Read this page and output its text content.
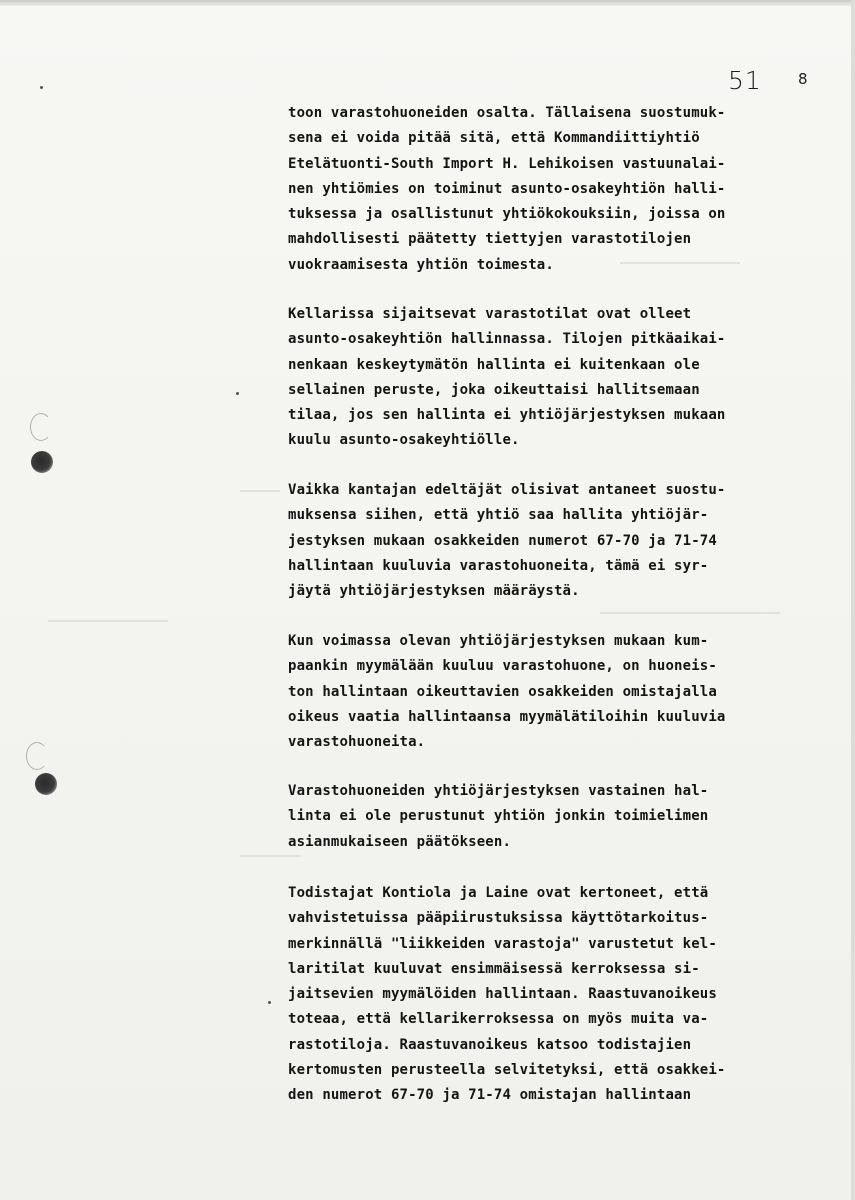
51 8
toon varastohuoneiden osalta. Tällaisena suostumuk-
sena ei voida pitää sitä, että Kommandiittiyhtiö
Etelätuonti-South Import H. Lehikoisen vastuunalai-
nen yhtiömies on toiminut asunto-osakeyhtiön halli-
tuksessa ja osallistunut yhtiökokouksiin, joissa on
mahdollisesti päätetty tiettyjen varastotilojen
vuokraamisesta yhtiön toimesta.
Kellarissa sijaitsevat varastotilat ovat olleet
asunto-osakeyhtiön hallinnassa. Tilojen pitkäaikai-
nenkaan keskeytymätön hallinta ei kuitenkaan ole
sellainen peruste, joka oikeuttaisi hallitsemaan
tilaa, jos sen hallinta ei yhtiöjärjestyksen mukaan
kuulu asunto-osakeyhtiölle.
Vaikka kantajan edeltäjät olisivat antaneet suostu-
muksensa siihen, että yhtiö saa hallita yhtiöjär-
jestyksen mukaan osakkeiden numerot 67-70 ja 71-74
hallintaan kuuluvia varastohuoneita, tämä ei syr-
jäytä yhtiöjärjestyksen määräystä.
Kun voimassa olevan yhtiöjärjestyksen mukaan kum-
paankin myymälään kuuluu varastohuone, on huoneis-
ton hallintaan oikeuttavien osakkeiden omistajalla
oikeus vaatia hallintaansa myymälätiloihin kuuluvia
varastohuoneita.
Varastohuoneiden yhtiöjärjestyksen vastainen hal-
linta ei ole perustunut yhtiön jonkin toimielimen
asianmukaiseen päätökseen.
Todistajat Kontiola ja Laine ovat kertoneet, että
vahvistetuissa pääpiirustuksissa käyttötarkoitus-
merkinnällä "liikkeiden varastoja" varustetut kel-
laritilat kuuluvat ensimmäisessä kerroksessa si-
jaitsevien myymälöiden hallintaan. Raastuvanoikeus
toteaa, että kellarikerroksessa on myös muita va-
rastotiloja. Raastuvanoikeus katsoo todistajien
kertomusten perusteella selvitetyksi, että osakkei-
den numerot 67-70 ja 71-74 omistajan hallintaan
